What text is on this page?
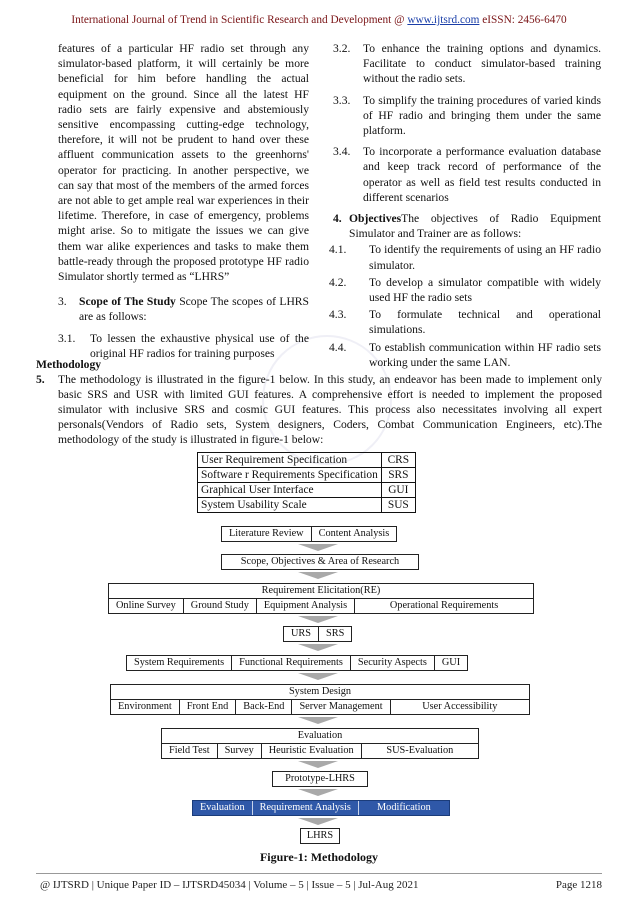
International Journal of Trend in Scientific Research and Development @ www.ijtsrd.com eISSN: 2456-6470

features of a particular HF radio set through any simulator-based platform, it will certainly be more beneficial for him before handling the actual equipment on the ground. Since all the latest HF radio sets are fairly expensive and abstemiously sensitive encompassing cutting-edge technology, therefore, it will not be prudent to hand over these affluent communication assets to the greenhorns' operator for practicing. In another perspective, we can say that most of the members of the armed forces are not able to get ample real war experiences in their lifetime. Therefore, in case of emergency, problems might arise. So to mitigate the issues we can give them war alike experiences and tasks to make them battle-ready through the proposed prototype HF radio Simulator shortly termed as “LHRS”

3.	Scope of The Study Scope The scopes of LHRS are as follows:
3.1.	To lessen the exhaustive physical use of the original HF radios for training purposes
3.2.	To enhance the training options and dynamics. Facilitate to conduct simulator-based training without the radio sets.
3.3.	To simplify the training procedures of varied kinds of HF radio and bringing them under the same platform.
3.4.	To incorporate a performance evaluation database and keep track record of performance of the operator as well as field test results conducted in different scenarios
4. ObjectivesThe objectives of Radio Equipment Simulator and Trainer are as follows:
4.1.	To identify the requirements of using an HF radio simulator.
4.2.	To develop a simulator compatible with widely used HF the radio sets
4.3.	To formulate technical and operational simulations.
4.4.	To establish communication within HF radio sets working under the same LAN.
Methodology
5.	The methodology is illustrated in the figure-1 below. In this study, an endeavor has been made to implement only basic SRS and USR with limited GUI features. A comprehensive effort is needed to implement the proposed simulator with inclusive SRS and cosmic GUI features. This process also necessitates involving all expert personals(Vendors of Radio sets, System designers, Coders, Combat Communication Engineers, etc).The methodology of the study is illustrated in figure-1 below:
User Requirement Specification	CRS
Software r Requirements Specification	SRS
Graphical User Interface	GUI
System Usability Scale	SUS
Literature Review	Content Analysis
Scope, Objectives & Area of Research
Requirement Elicitation(RE)
Online Survey	Ground Study	Equipment Analysis	Operational Requirements
URS	SRS
System Requirements	Functional Requirements	Security Aspects	GUI
System Design
Environment	Front End	Back-End	Server Management	User Accessibility
Evaluation
Field Test	Survey	Heuristic Evaluation	SUS-Evaluation
Prototype-LHRS
Evaluation	Requirement Analysis	Modification
LHRS
Figure-1: Methodology
@ IJTSRD | Unique Paper ID – IJTSRD45034 | Volume – 5 | Issue – 5 | Jul-Aug 2021	Page 1218
